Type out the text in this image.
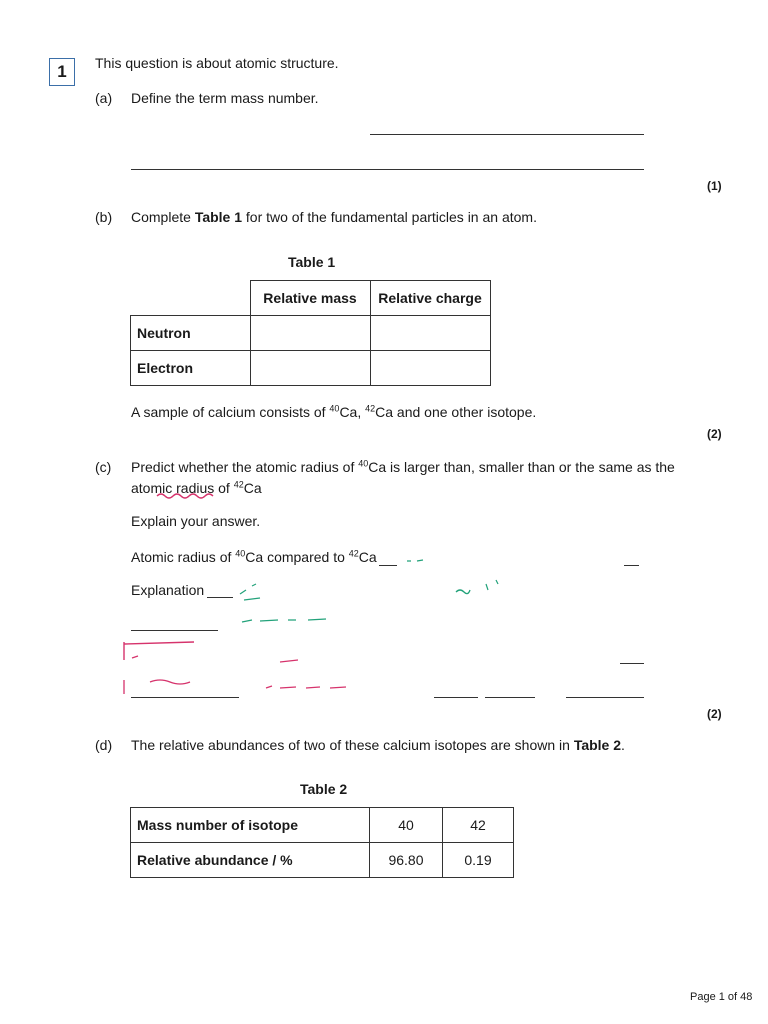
1 This question is about atomic structure.
(a) Define the term mass number.
(1)
(b) Complete Table 1 for two of the fundamental particles in an atom.
Table 1
	Relative mass	Relative charge
Neutron		
Electron		
A sample of calcium consists of $^{40}$Ca, $^{42}$Ca and one other isotope.
(2)
(c) Predict whether the atomic radius of $^{40}$Ca is larger than, smaller than or the same as the
atomic radius of $^{42}$Ca
Explain your answer.
Atomic radius of $^{40}$Ca compared to $^{42}$Ca
Explanation
(2)
(d) The relative abundances of two of these calcium isotopes are shown in Table 2.
Table 2
Mass number of isotope	40	42
Relative abundance / %	96.80	0.19
Page 1 of 48
